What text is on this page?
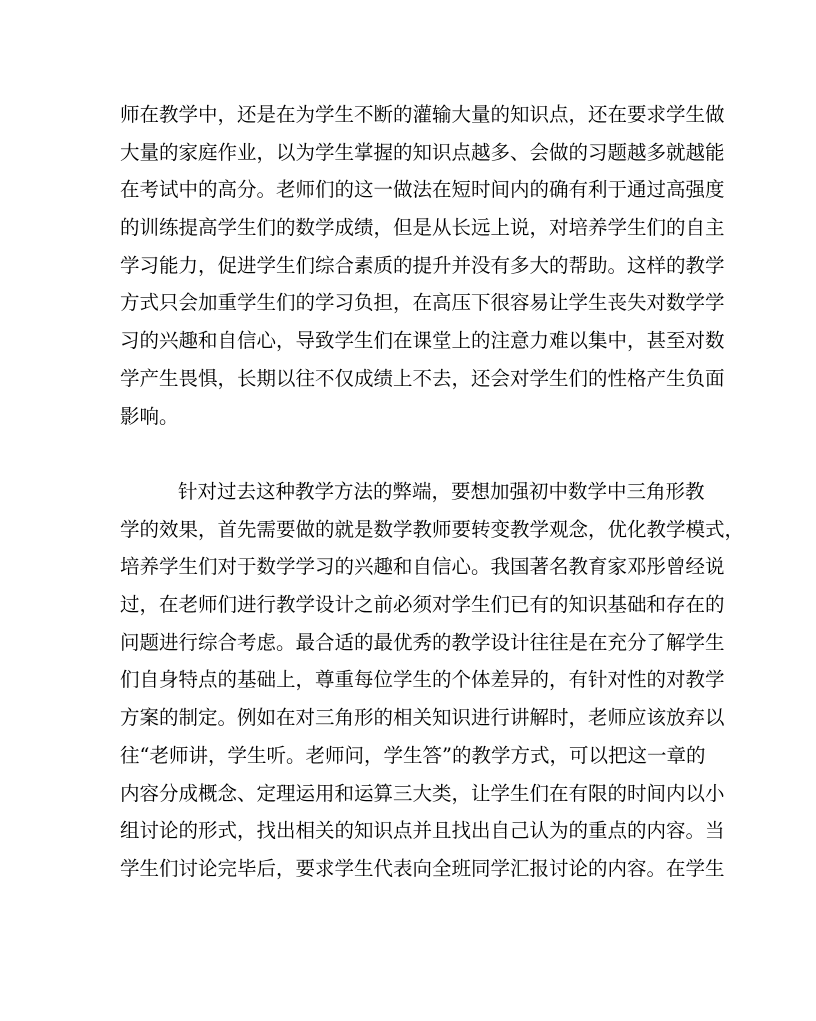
师在教学中，还是在为学生不断的灌输大量的知识点，还在要求学生做
大量的家庭作业，以为学生掌握的知识点越多、会做的习题越多就越能
在考试中的高分。老师们的这一做法在短时间内的确有利于通过高强度
的训练提高学生们的数学成绩，但是从长远上说，对培养学生们的自主
学习能力，促进学生们综合素质的提升并没有多大的帮助。这样的教学
方式只会加重学生们的学习负担，在高压下很容易让学生丧失对数学学
习的兴趣和自信心，导致学生们在课堂上的注意力难以集中，甚至对数
学产生畏惧，长期以往不仅成绩上不去，还会对学生们的性格产生负面
影响。
针对过去这种教学方法的弊端，要想加强初中数学中三角形教
学的效果，首先需要做的就是数学教师要转变教学观念，优化教学模式，
培养学生们对于数学学习的兴趣和自信心。我国著名教育家邓彤曾经说
过，在老师们进行教学设计之前必须对学生们已有的知识基础和存在的
问题进行综合考虑。最合适的最优秀的教学设计往往是在充分了解学生
们自身特点的基础上，尊重每位学生的个体差异的，有针对性的对教学
方案的制定。例如在对三角形的相关知识进行讲解时，老师应该放弃以
往“老师讲，学生听。老师问，学生答”的教学方式，可以把这一章的
内容分成概念、定理运用和运算三大类，让学生们在有限的时间内以小
组讨论的形式，找出相关的知识点并且找出自己认为的重点的内容。当
学生们讨论完毕后，要求学生代表向全班同学汇报讨论的内容。在学生
